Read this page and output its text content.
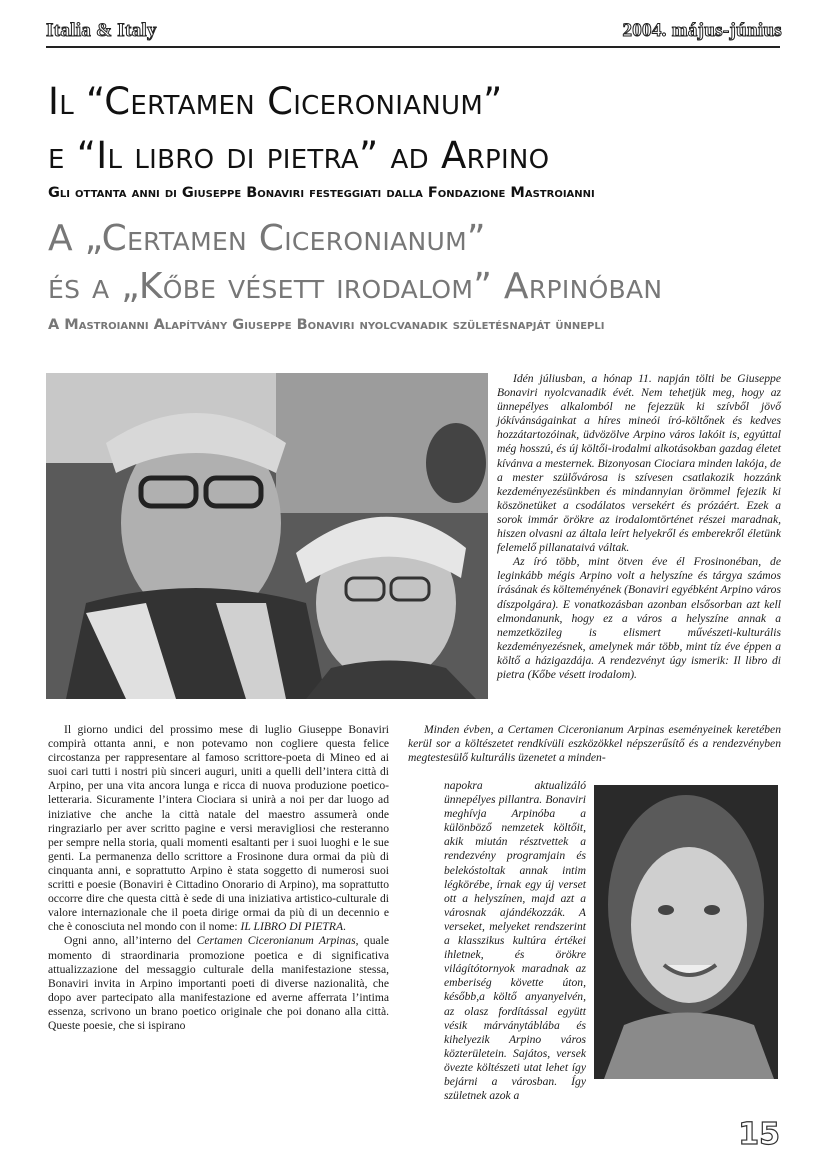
Italia & Italy	2004. május-június
Il “Certamen Ciceronianum”
e “Il libro di pietra” ad Arpino
Gli ottanta anni di Giuseppe Bonaviri festeggiati dalla Fondazione Mastroianni
A „Certamen Ciceronianum”
és a „Kőbe vésett irodalom” Arpinóban
A Mastroianni Alapítvány Giuseppe Bonaviri nyolcvanadik születésnapját ünnepli

Idén júliusban, a hónap 11. napján tölti be Giuseppe Bonaviri nyolcvanadik évét. Nem tehetjük meg, hogy az ünnepélyes alkalomból ne fejezzük ki szívből jövő jókívánságainkat a híres mineói író-költőnek és kedves hozzátartozóinak, üdvözölve Arpino város lakóit is, egyúttal még hosszú, és új költői-irodalmi alkotásokban gazdag életet kívánva a mesternek. Bizonyosan Ciociara minden lakója, de a mester szülővárosa is szívesen csatlakozik hozzánk kezdeményezésünkben és mindannyian örömmel fejezik ki köszönetüket a csodálatos versekért és prózáért. Ezek a sorok immár örökre az irodalomtörténet részei maradnak, hiszen olvasni az általa leírt helyekről és emberekről életünk felemelő pillanataivá váltak.

Az író több, mint ötven éve él Frosinonéban, de leginkább mégis Arpino volt a helyszíne és tárgya számos írásának és költeményének (Bonaviri egyébként Arpino város díszpolgára). E vonatkozásban azonban elsősorban azt kell elmondanunk, hogy ez a város a helyszíne annak a nemzetközileg is elismert művészeti-kulturális kezdeményezésnek, amelynek már több, mint tíz éve éppen a költő a házigazdája. A rendezvényt úgy ismerik: Il libro di pietra (Kőbe vésett irodalom).

Minden évben, a Certamen Ciceronianum Arpinas eseményeinek keretében kerül sor a költészetet rendkívüli eszközökkel népszerűsítő és a rendezvényben megtestesülő kulturális üzenetet a minden-

napokra aktualizáló ünnepélyes pillantra. Bonaviri meghívja Arpinóba a különböző nemzetek költőit, akik miután résztvettek a rendezvény programjain és belekóstoltak annak intim légkörébe, írnak egy új verset ott a helyszínen, majd azt a városnak ajándékozzák. A verseket, melyeket rendszerint a klasszikus kultúra értékei ihletnek, és örökre világítótornyok maradnak az emberiség követte úton, később,a költő anyanyelvén, az olasz fordítással együtt vésik márványtáblába és kihelyezik Arpino város közterületein. Sajátos, versek övezte költészeti utat lehet így bejárni a városban. Így születnek azok a

Il giorno undici del prossimo mese di luglio Giuseppe Bonaviri compirà ottanta anni, e non potevamo non cogliere questa felice circostanza per rappresentare al famoso scrittore-poeta di Mineo ed ai suoi cari tutti i nostri più sinceri auguri, uniti a quelli dell’intera città di Arpino, per una vita ancora lunga e ricca di nuova produzione poetico-letteraria. Sicuramente l’intera Ciociara si unirà a noi per dar luogo ad iniziative che anche la città natale del maestro assumerà onde ringraziarlo per aver scritto pagine e versi meravigliosi che resteranno per sempre nella storia, quali momenti esaltanti per i suoi luoghi e le sue genti. La permanenza dello scrittore a Frosinone dura ormai da più di cinquanta anni, e soprattutto Arpino è stata soggetto di numerosi suoi scritti e poesie (Bonaviri è Cittadino Onorario di Arpino), ma soprattutto occorre dire che questa città è sede di una iniziativa artistico-culturale di valore internazionale che il poeta dirige ormai da più di un decennio e che è conosciuta nel mondo con il nome: IL LIBRO DI PIETRA.

Ogni anno, all’interno del Certamen Ciceronianum Arpinas, quale momento di straordinaria promozione poetica e di significativa attualizzazione del messaggio culturale della manifestazione stessa, Bonaviri invita in Arpino importanti poeti di diverse nazionalità, che dopo aver partecipato alla manifestazione ed averne afferrata l’intima essenza, scrivono un brano poetico originale che poi donano alla città. Queste poesie, che si ispirano

15
